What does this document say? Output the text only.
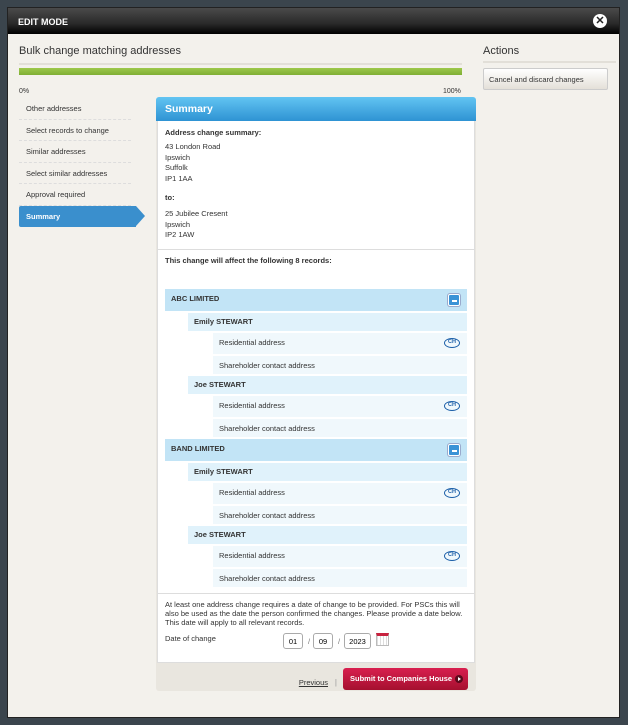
EDIT MODE	✕
Bulk change matching addresses
0%	100%
Actions
Cancel and discard changes
Other addresses
Select records to change
Similar addresses
Select similar addresses
Approval required
Summary
Summary
Address change summary:
43 London Road
Ipswich
Suffolk
IP1 1AA
to:
25 Jubilee Cresent
Ipswich
IP2 1AW
This change will affect the following 8 records:
ABC LIMITED
Emily STEWART
Residential address	CH
Shareholder contact address
Joe STEWART
Residential address	CH
Shareholder contact address
BAND LIMITED
Emily STEWART
Residential address	CH
Shareholder contact address
Joe STEWART
Residential address	CH
Shareholder contact address
At least one address change requires a date of change to be provided. For PSCs this will also be used as the date the person confirmed the changes. Please provide a date below. This date will apply to all relevant records.
Date of change
01	/
09	/
2023
Previous |	Submit to Companies House
